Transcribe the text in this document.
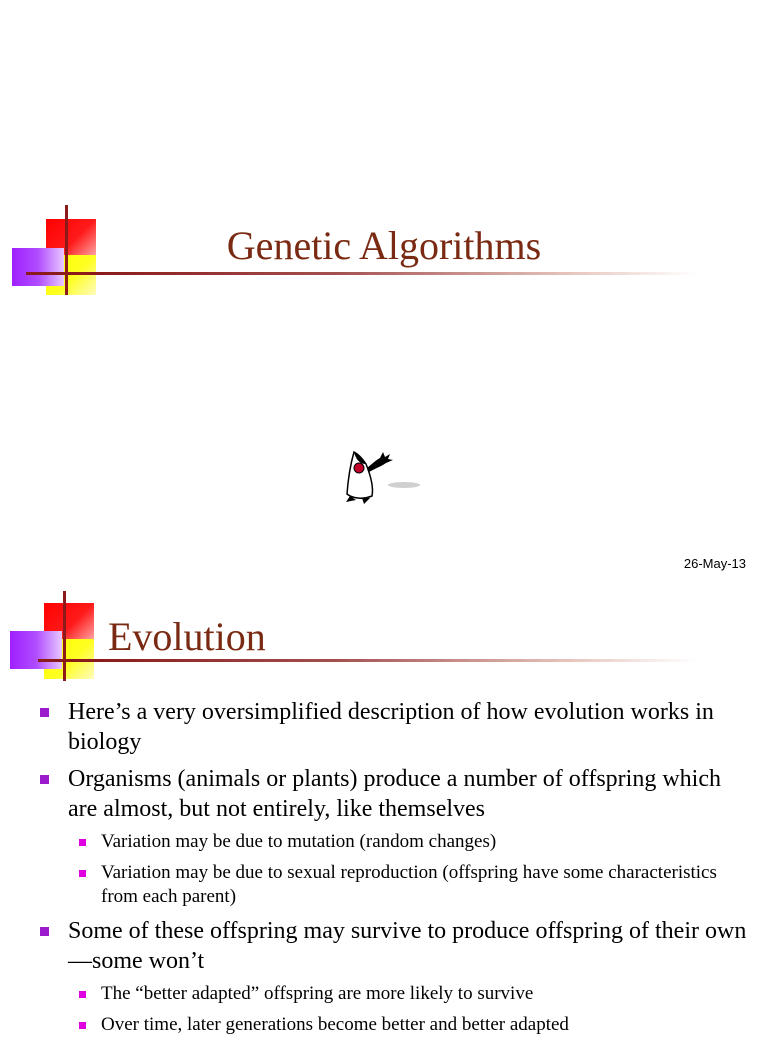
Genetic Algorithms
26-May-13
Evolution
Here’s a very oversimplified description of how evolution works in biology
Organisms (animals or plants) produce a number of offspring which are almost, but not entirely, like themselves
Variation may be due to mutation (random changes)
Variation may be due to sexual reproduction (offspring have some characteristics from each parent)
Some of these offspring may survive to produce offspring of their own—some won’t
The “better adapted” offspring are more likely to survive
Over time, later generations become better and better adapted
